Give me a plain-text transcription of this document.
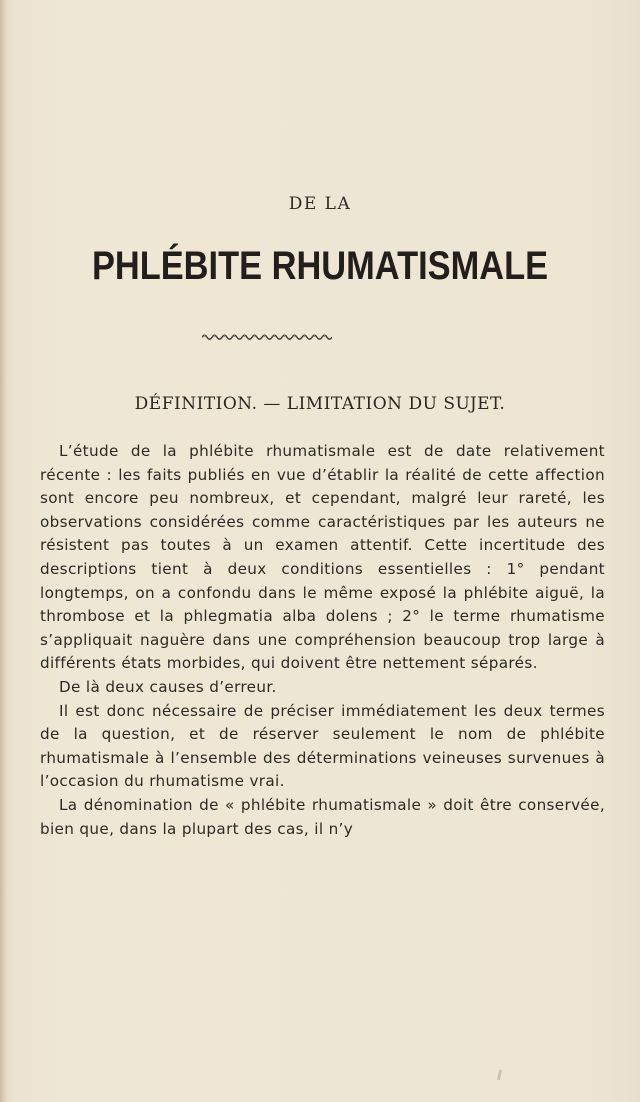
DE LA
PHLÉBITE RHUMATISMALE
DÉFINITION. — LIMITATION DU SUJET.

L’étude de la phlébite rhumatismale est de date relativement récente : les faits publiés en vue d’établir la réalité de cette affection sont encore peu nombreux, et cependant, malgré leur rareté, les observations considérées comme caractéristiques par les auteurs ne résistent pas toutes à un examen attentif. Cette incertitude des descriptions tient à deux conditions essentielles : 1° pendant longtemps, on a confondu dans le même exposé la phlébite aiguë, la thrombose et la phlegmatia alba dolens ; 2° le terme rhumatisme s’appliquait naguère dans une compréhension beaucoup trop large à différents états morbides, qui doivent être nettement séparés.

De là deux causes d’erreur.

Il est donc nécessaire de préciser immédiatement les deux termes de la question, et de réserver seulement le nom de phlébite rhumatismale à l’ensemble des déterminations veineuses survenues à l’occasion du rhumatisme vrai.

La dénomination de « phlébite rhumatismale » doit être conservée, bien que, dans la plupart des cas, il n’y
